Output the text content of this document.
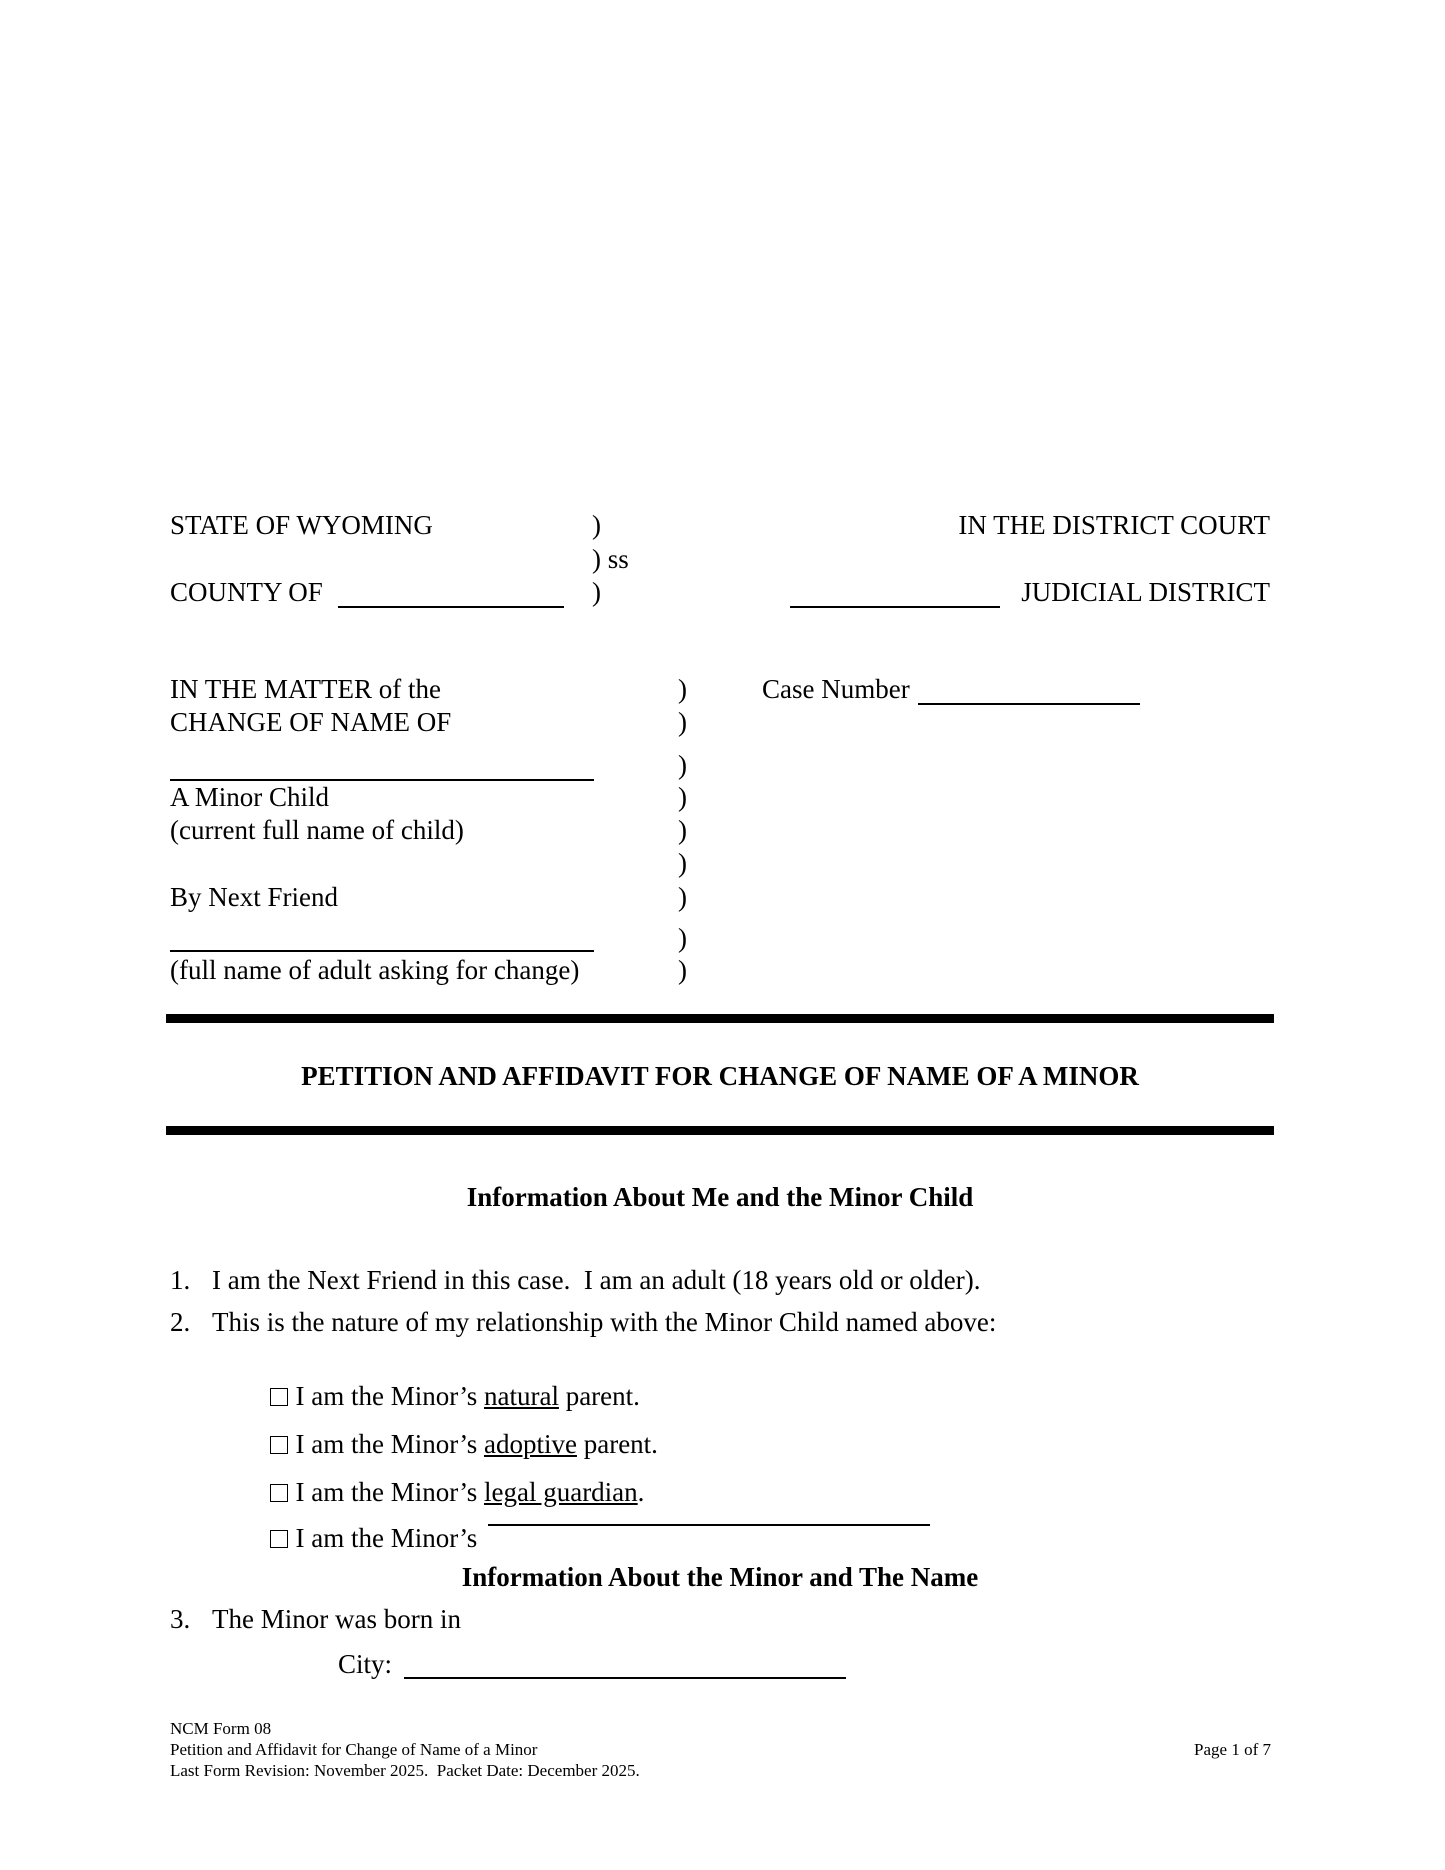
STATE OF WYOMING	)
) ss
)
COUNTY OF
IN THE DISTRICT COURT
JUDICIAL DISTRICT
IN THE MATTER of the
CHANGE OF NAME OF
A Minor Child
(current full name of child)
By Next Friend
(full name of adult asking for change)
)
)
)
)
)
)
)
)
)
Case Number
PETITION AND AFFIDAVIT FOR CHANGE OF NAME OF A MINOR
Information About Me and the Minor Child
1. I am the Next Friend in this case.  I am an adult (18 years old or older).
2. This is the nature of my relationship with the Minor Child named above:

I am the Minor’s natural parent.

I am the Minor’s adoptive parent.

I am the Minor’s legal guardian.

I am the Minor’s

Information About the Minor and The Name
3. The Minor was born in
City:
NCM Form 08
Petition and Affidavit for Change of Name of a Minor
Last Form Revision: November 2025.  Packet Date: December 2025.
Page 1 of 7
